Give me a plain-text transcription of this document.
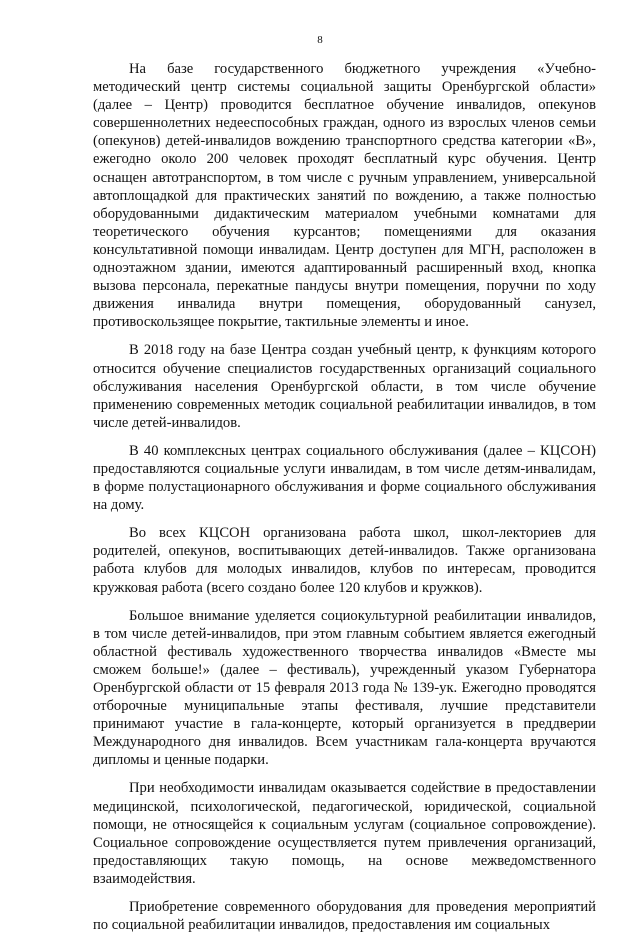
8

На базе государственного бюджетного учреждения «Учебно-методический центр системы социальной защиты Оренбургской области» (далее – Центр) проводится бесплатное обучение инвалидов, опекунов совершеннолетних недееспособных граждан, одного из взрослых членов семьи (опекунов) детей-инвалидов вождению транспортного средства категории «В», ежегодно около 200 человек проходят бесплатный курс обучения. Центр оснащен автотранспортом, в том числе с ручным управлением, универсальной автоплощадкой для практических занятий по вождению, а также полностью оборудованными дидактическим материалом учебными комнатами для теоретического обучения курсантов; помещениями для оказания консультативной помощи инвалидам. Центр доступен для МГН, расположен в одноэтажном здании, имеются адаптированный расширенный вход, кнопка вызова персонала, перекатные пандусы внутри помещения, поручни по ходу движения инвалида внутри помещения, оборудованный санузел, противоскользящее покрытие, тактильные элементы и иное.

В 2018 году на базе Центра создан учебный центр, к функциям которого относится обучение специалистов государственных организаций социального обслуживания населения Оренбургской области, в том числе обучение применению современных методик социальной реабилитации инвалидов, в том числе детей-инвалидов.

В 40 комплексных центрах социального обслуживания (далее – КЦСОН) предоставляются социальные услуги инвалидам, в том числе детям-инвалидам, в форме полустационарного обслуживания и форме социального обслуживания на дому.

Во всех КЦСОН организована работа школ, школ-лекториев для родителей, опекунов, воспитывающих детей-инвалидов. Также организована работа клубов для молодых инвалидов, клубов по интересам, проводится кружковая работа (всего создано более 120 клубов и кружков).

Большое внимание уделяется социокультурной реабилитации инвалидов, в том числе детей-инвалидов, при этом главным событием является ежегодный областной фестиваль художественного творчества инвалидов «Вместе мы сможем больше!» (далее – фестиваль), учрежденный указом Губернатора Оренбургской области от 15 февраля 2013 года № 139-ук. Ежегодно проводятся отборочные муниципальные этапы фестиваля, лучшие представители принимают участие в гала-концерте, который организуется в преддверии Международного дня инвалидов. Всем участникам гала-концерта вручаются дипломы и ценные подарки.

При необходимости инвалидам оказывается содействие в предоставлении медицинской, психологической, педагогической, юридической, социальной помощи, не относящейся к социальным услугам (социальное сопровождение). Социальное сопровождение осуществляется путем привлечения организаций, предоставляющих такую помощь, на основе межведомственного взаимодействия.

Приобретение современного оборудования для проведения мероприятий по социальной реабилитации инвалидов, предоставления им социальных
